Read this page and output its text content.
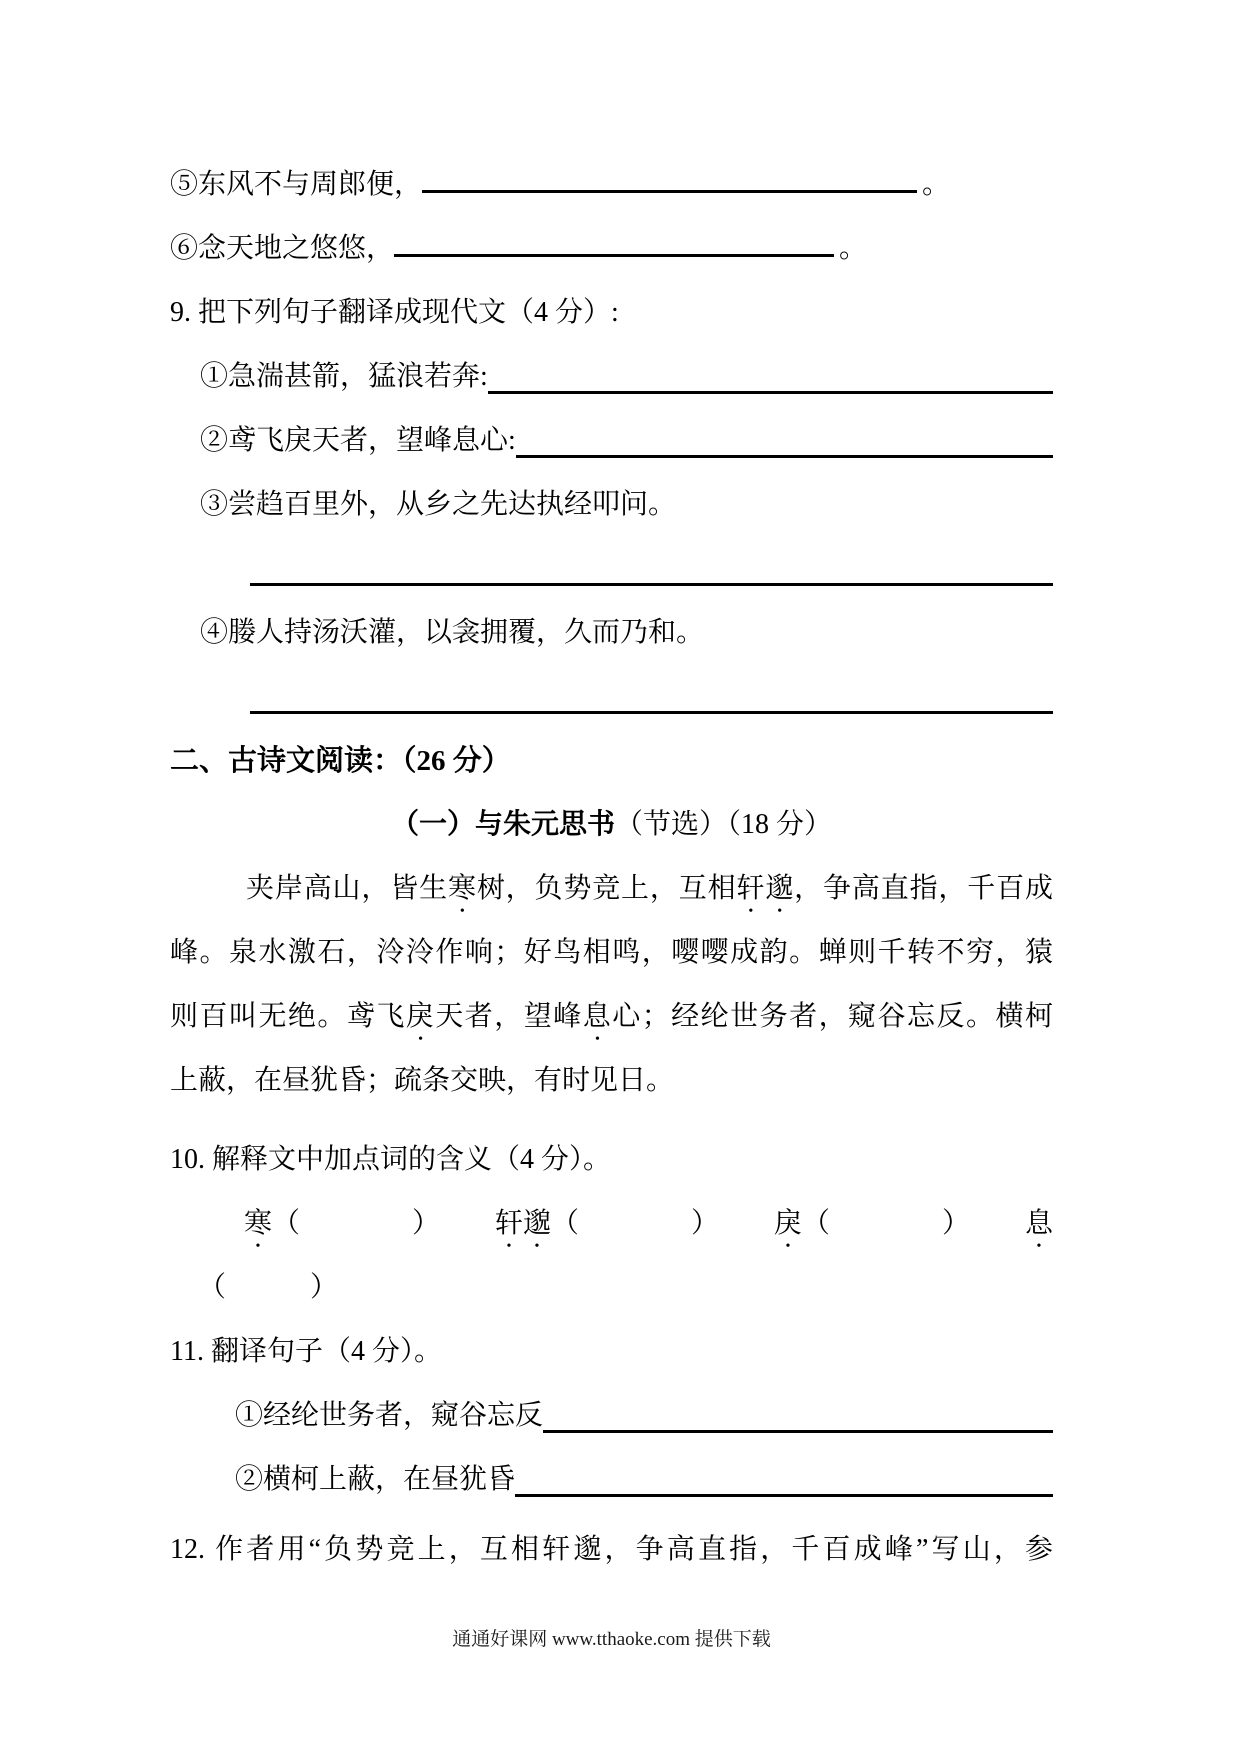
⑤东风不与周郎便，	。
⑥念天地之悠悠，	。
9. 把下列句子翻译成现代文（4 分）:
①急湍甚箭，猛浪若奔:
②鸢飞戾天者，望峰息心:
③尝趋百里外，从乡之先达执经叩问。
④媵人持汤沃灌，以衾拥覆，久而乃和。
二、古诗文阅读：（26 分）
（一）与朱元思书（节选）（18 分）
夹岸高山，皆生寒树，负势竞上，互相轩邈，争高直指，千百成
峰。泉水激石，泠泠作响；好鸟相鸣，嘤嘤成韵。蝉则千转不穷，猿
则百叫无绝。鸢飞戾天者，望峰息心；经纶世务者，窥谷忘反。横柯
上蔽，在昼犹昏；疏条交映，有时见日。
10. 解释文中加点词的含义（4 分）。
寒（　　　　） 轩邈（　　　　） 戾（　　　　） 息
（　　　）
11. 翻译句子（4 分）。
①经纶世务者，窥谷忘反
②横柯上蔽，在昼犹昏
12. 作者用“负势竞上，互相轩邈，争高直指，千百成峰”写山，参
通通好课网 www.tthaoke.com 提供下载
